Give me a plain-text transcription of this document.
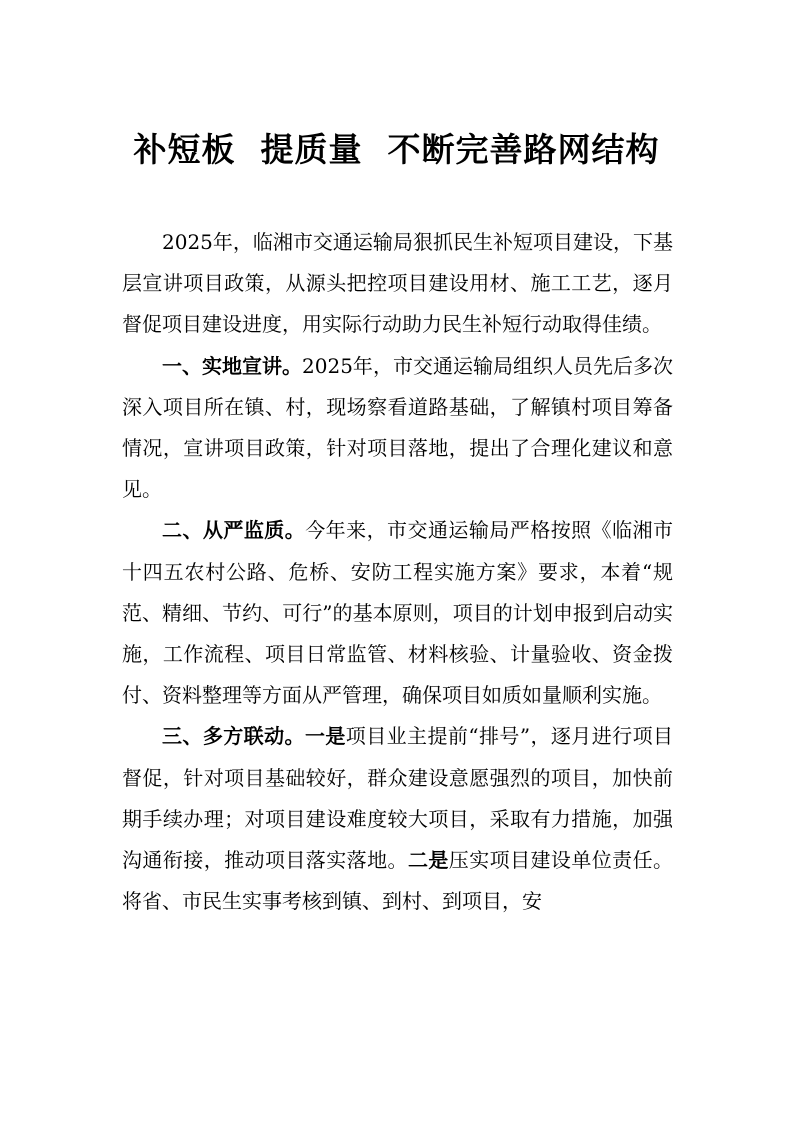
补短板  提质量  不断完善路网结构

2025年，临湘市交通运输局狠抓民生补短项目建设，下基层宣讲项目政策，从源头把控项目建设用材、施工工艺，逐月督促项目建设进度，用实际行动助力民生补短行动取得佳绩。

一、实地宣讲。2025年，市交通运输局组织人员先后多次深入项目所在镇、村，现场察看道路基础，了解镇村项目筹备情况，宣讲项目政策，针对项目落地，提出了合理化建议和意见。

二、从严监质。今年来，市交通运输局严格按照《临湘市十四五农村公路、危桥、安防工程实施方案》要求，本着“规范、精细、节约、可行”的基本原则，项目的计划申报到启动实施，工作流程、项目日常监管、材料核验、计量验收、资金拨付、资料整理等方面从严管理，确保项目如质如量顺利实施。

三、多方联动。一是项目业主提前“排号”，逐月进行项目督促，针对项目基础较好，群众建设意愿强烈的项目，加快前期手续办理；对项目建设难度较大项目，采取有力措施，加强沟通衔接，推动项目落实落地。二是压实项目建设单位责任。将省、市民生实事考核到镇、到村、到项目，安
